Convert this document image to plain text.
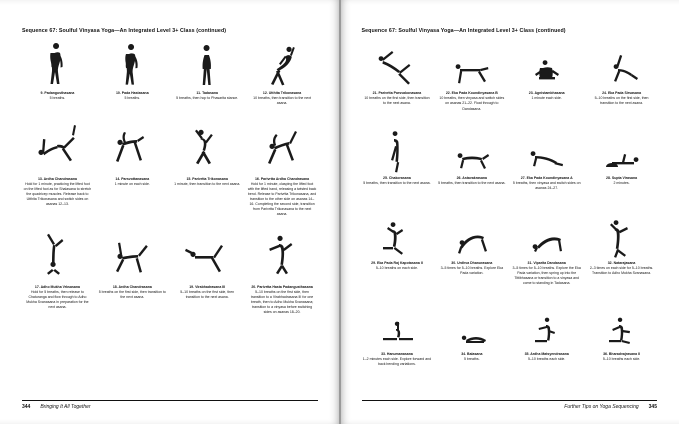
Sequence 67: Soulful Vinyasa Yoga—An Integrated Level 3+ Class (continued)
9. Padangusthasana
5 breaths.
10. Pada Hastasana
5 breaths.
11. Tadasana
5 breaths, then hop to Phasarita stance.
12. Utthita Trikonasana
10 breaths, then transition to the next asana.
13. Ardha Chandrasana
Hold for 1 minute, practicing the lifted foot on the lifted foot as for Shalasana to stretch the quadricep muscles. Release back to Utthita Trikonasana and switch sides on asanas 12–13.
14. Parsvottanasana
1 minute on each side.
15. Parivrtta Trikonasana
1 minute, then transition to the next asana.
16. Parivrtta Ardha Chandrasana
Hold for 1 minute, clasping the lifted foot with the lifted hand, releasing a twisted back bend. Release to Parivrtta Trikonasana, and transition to the other side on asanas 14–16. Completing the second side, transition from Parivrtta Trikonasana to the next asana.
17. Adho Mukha Vrksasana
Hold for 5 breaths, then release to Chaturanga and flow through to Adho Mukha Svanasana in preparation for the next asana.
18. Ardha Chandrasana
5 breaths on the first side, then transition to the next asana.
19. Virabhadrasana III
5–10 breaths on the first side, then transition to the next asana.
20. Parivrtta Hasta Padangusthasana
5–10 breaths on the first side, then transition to a Virabhadrasana III for one breath, then to Adho Mukha Svanasana; transition to a vinyasa before switching sides on asanas 18–20.
344 Bringing It All Together
Sequence 67: Soulful Vinyasa Yoga—An Integrated Level 3+ Class (continued)
21. Parivrtta Parsvakonasana
10 breaths on the first side, then transition to the next asana.
22. Eka Pada Koundinyasana B
10 breaths, then vinyasa and switch sides on asanas 21–22. Float through to Dandasana.
23. Agnistambhasana
1 minute each side.
24. Eka Pada Sirsasana
5–10 breaths on the first side, then transition to the next asana.
25. Chakorasana
5 breaths, then transition to the next asana.
26. Astavakrasana
5 breaths, then transition to the next asana.
27. Eka Pada Koundinyasana A
5 breaths, then vinyasa and switch sides on asanas 24–27.
28. Supta Virasana
2 minutes.
29. Eka Pada Raj Kapotasana II
5–10 breaths on each side.
30. Urdhva Dhanurasana
3–5 times for 5–10 breaths. Explore Eka Pada variation.
31. Viparita Dandasana
3–5 times for 5–10 breaths. Explore the Eka Pada variation, then spring up into the Tittibhasana or transition to a vinyasa and come to standing in Tadasana.
32. Natarajasana
2–3 times on each side for 5–10 breaths. Transition to Adho Mukha Svanasana.
33. Hanumanasana
1–2 minutes each side. Explore forward and back bending variations.
34. Balasana
5 breaths.
35. Ardha Matsyendrasana
5–10 breaths each side.
36. Bharadvajrasana II
5–10 breaths each side.
Further Tips on Yoga Sequencing 345
